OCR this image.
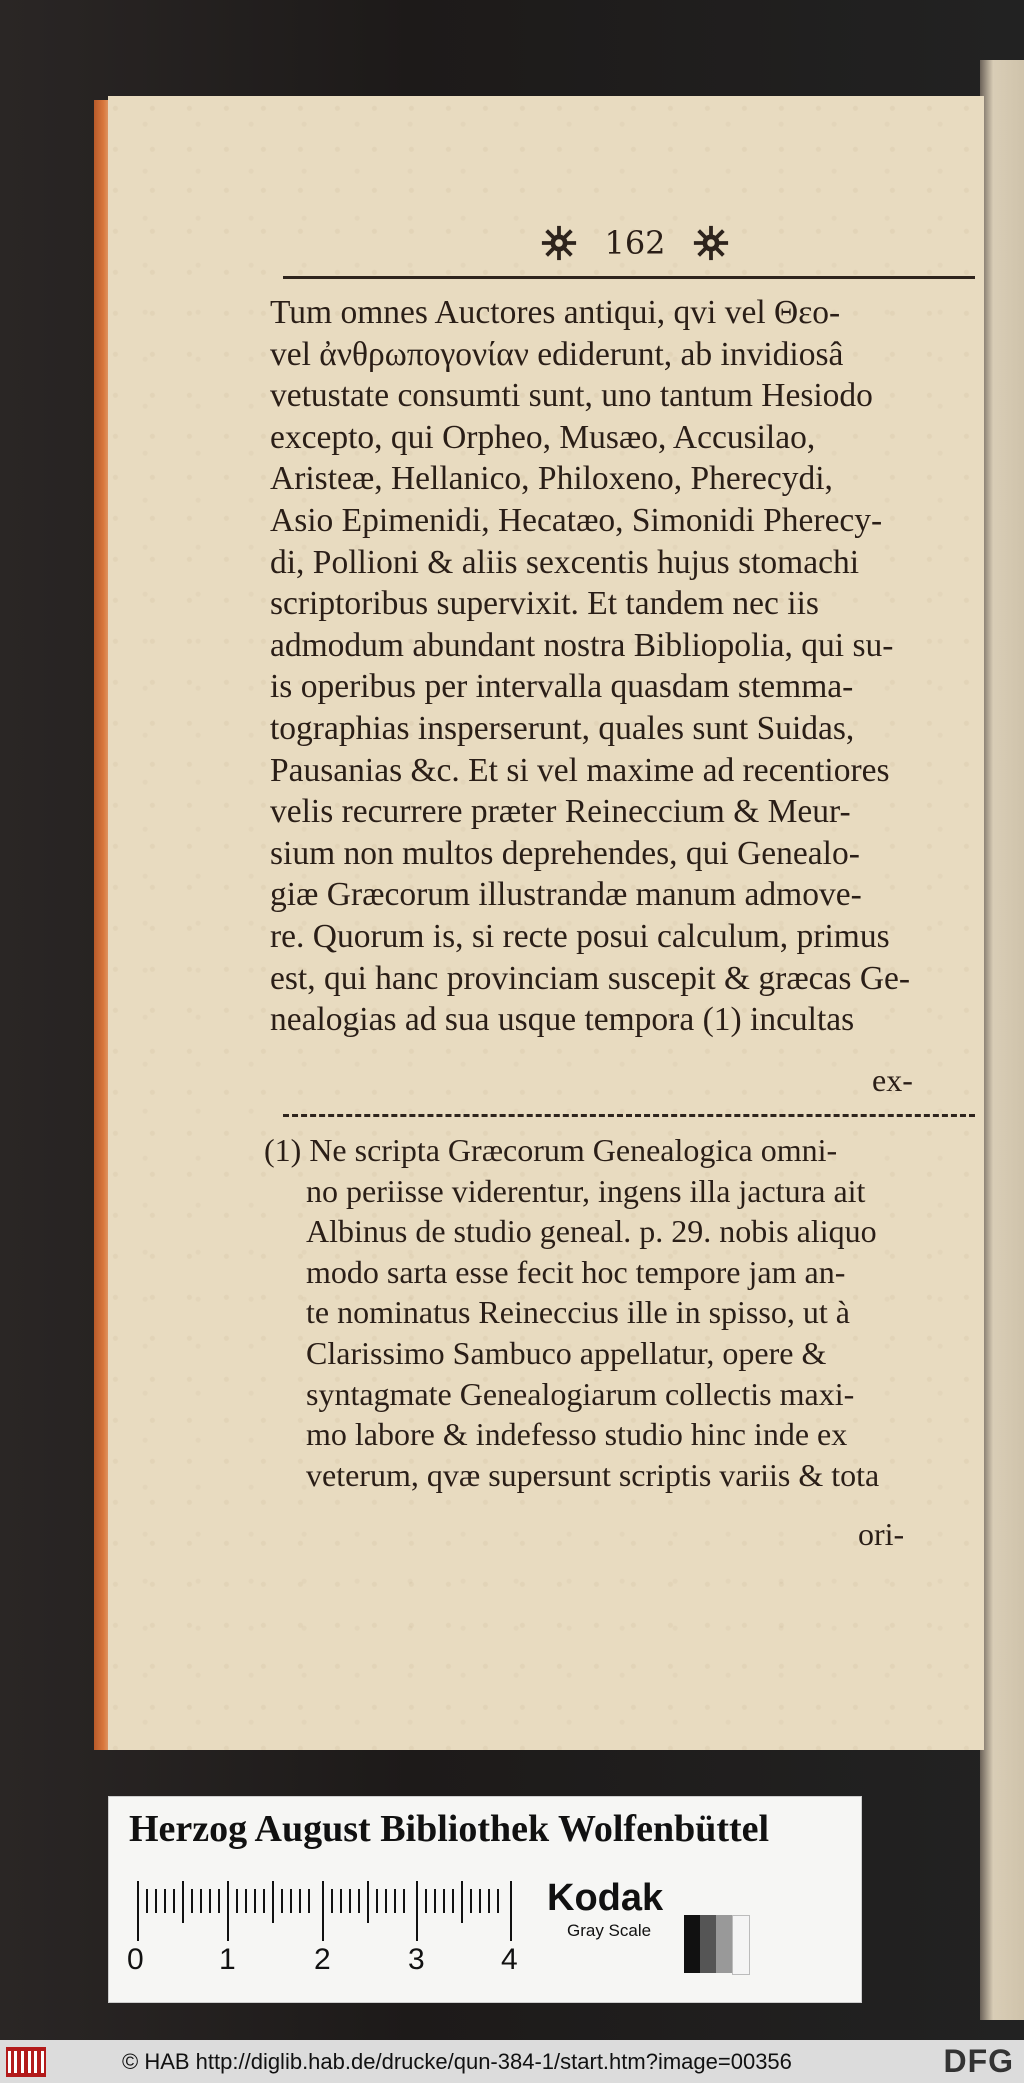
162
Tum omnes Auctores antiqui, qvi vel Θεο-
vel ἀνθρωπογονίαν ediderunt, ab invidiosâ
vetustate consumti sunt, uno tantum Hesiodo
excepto, qui Orpheo, Musæo, Accusilao,
Aristeæ, Hellanico, Philoxeno, Pherecydi,
Asio Epimenidi, Hecatæo, Simonidi Pherecy-
di, Pollioni & aliis sexcentis hujus stomachi
scriptoribus supervixit. Et tandem nec iis
admodum abundant nostra Bibliopolia, qui su-
is operibus per intervalla quasdam stemma-
tographias insperserunt, quales sunt Suidas,
Pausanias &c. Et si vel maxime ad recentiores
velis recurrere præter Reineccium & Meur-
sium non multos deprehendes, qui Genealo-
giæ Græcorum illustrandæ manum admove-
re. Quorum is, si recte posui calculum, primus
est, qui hanc provinciam suscepit & græcas Ge-
nealogias ad sua usque tempora (1) incultas
ex-
(1) Ne scripta Græcorum Genealogica omni-
no periisse viderentur, ingens illa jactura ait
Albinus de studio geneal. p. 29. nobis aliquo
modo sarta esse fecit hoc tempore jam an-
te nominatus Reineccius ille in spisso, ut à
Clarissimo Sambuco appellatur, opere &
syntagmate Genealogiarum collectis maxi-
mo labore & indefesso studio hinc inde ex
veterum, qvæ supersunt scriptis variis & tota
ori-
Herzog August Bibliothek Wolfenbüttel
0	1	2	3	4
Kodak
Gray Scale
© HAB http://diglib.hab.de/drucke/qun-384-1/start.htm?image=00356	DFG
